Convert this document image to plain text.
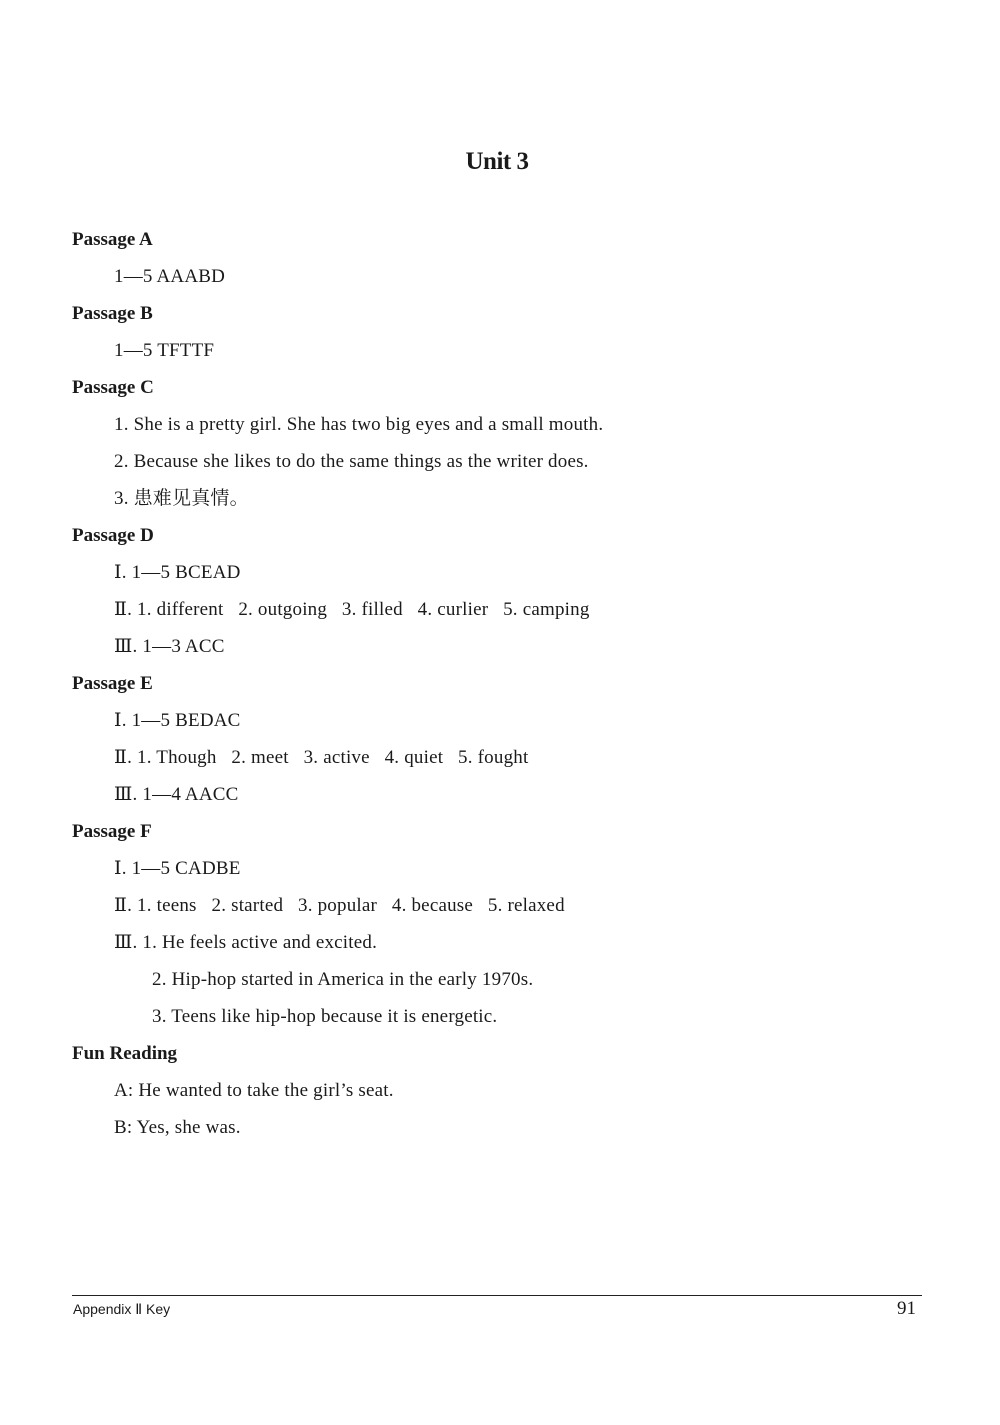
Unit 3
Passage A
1—5 AAABD
Passage B
1—5 TFTTF
Passage C
1. She is a pretty girl. She has two big eyes and a small mouth.
2. Because she likes to do the same things as the writer does.
3. 患难见真情。
Passage D
Ⅰ. 1—5 BCEAD
Ⅱ. 1. different   2. outgoing   3. filled   4. curlier   5. camping
Ⅲ. 1—3 ACC
Passage E
Ⅰ. 1—5 BEDAC
Ⅱ. 1. Though   2. meet   3. active   4. quiet   5. fought
Ⅲ. 1—4 AACC
Passage F
Ⅰ. 1—5 CADBE
Ⅱ. 1. teens   2. started   3. popular   4. because   5. relaxed
Ⅲ. 1. He feels active and excited.
2. Hip-hop started in America in the early 1970s.
3. Teens like hip-hop because it is energetic.
Fun Reading
A: He wanted to take the girl’s seat.
B: Yes, she was.
Appendix Ⅱ Key	91
